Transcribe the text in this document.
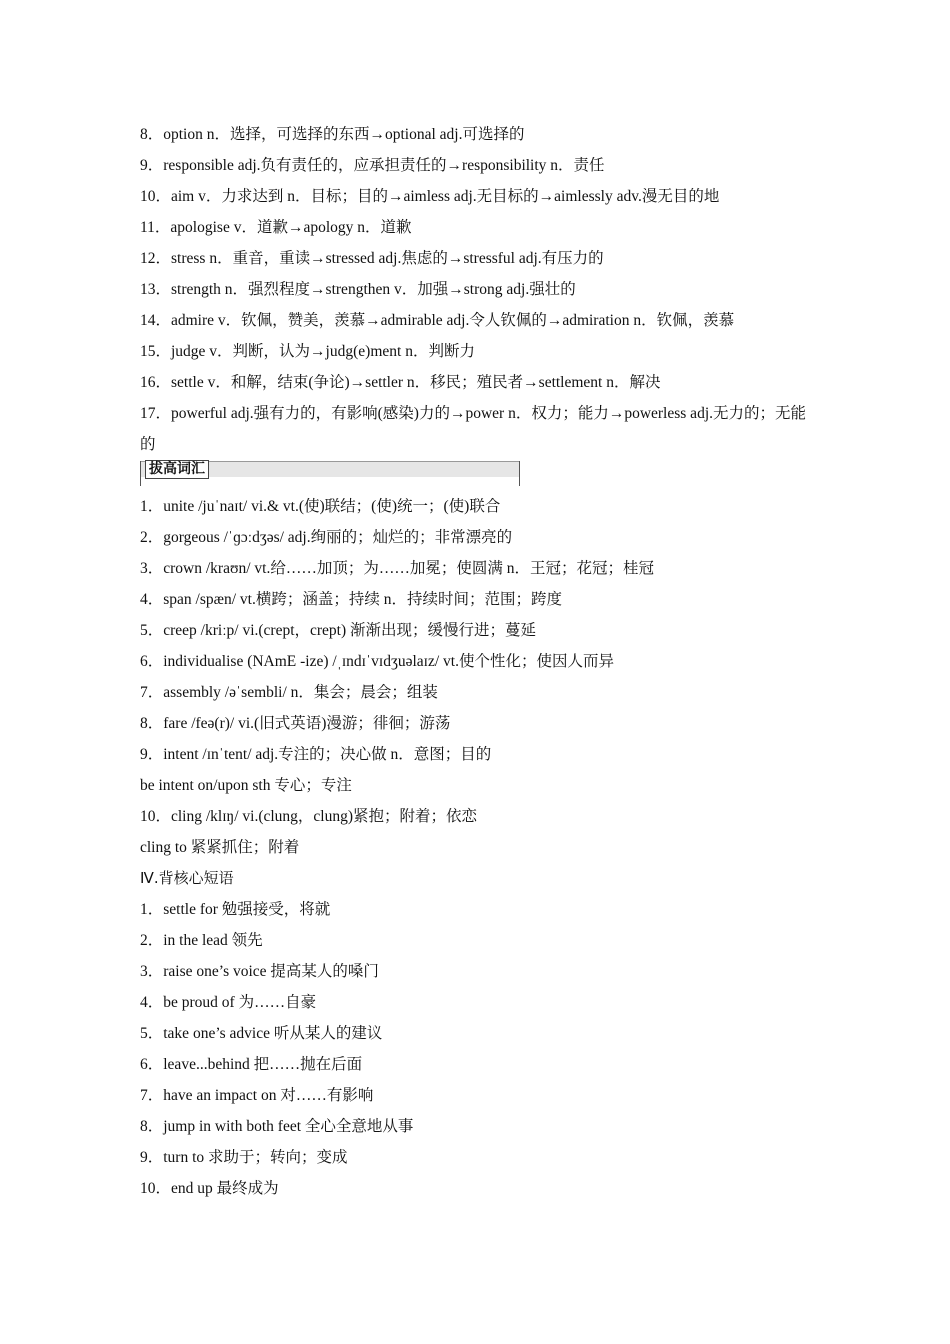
8．option n．选择，可选择的东西→optional adj.可选择的
9．responsible adj.负有责任的，应承担责任的→responsibility n．责任
10．aim v．力求达到 n．目标；目的→aimless adj.无目标的→aimlessly adv.漫无目的地
11．apologise v．道歉→apology n．道歉
12．stress n．重音，重读→stressed adj.焦虑的→stressful adj.有压力的
13．strength n．强烈程度→strengthen v．加强→strong adj.强壮的
14．admire v．钦佩，赞美，羡慕→admirable adj.令人钦佩的→admiration n．钦佩，羡慕
15．judge v．判断，认为→judg(e)ment n．判断力
16．settle v．和解，结束(争论)→settler n．移民；殖民者→settlement n．解决
17．powerful adj.强有力的，有影响(感染)力的→power n．权力；能力→powerless adj.无力的；无能的
拔高词汇
1．unite /juˈnaɪt/ vi.& vt.(使)联结；(使)统一；(使)联合
2．gorgeous /ˈɡɔːdʒəs/ adj.绚丽的；灿烂的；非常漂亮的
3．crown /kraʊn/ vt.给……加顶；为……加冕；使圆满 n．王冠；花冠；桂冠
4．span /spæn/ vt.横跨；涵盖；持续 n．持续时间；范围；跨度
5．creep /kriːp/ vi.(crept，crept) 渐渐出现；缓慢行进；蔓延
6．individualise (NAmE -ize) /ˌɪndɪˈvɪdʒuəlaɪz/ vt.使个性化；使因人而异
7．assembly /əˈsembli/ n．集会；晨会；组装
8．fare /feə(r)/ vi.(旧式英语)漫游；徘徊；游荡
9．intent /ɪnˈtent/ adj.专注的；决心做 n．意图；目的
be intent on/upon sth 专心；专注
10．cling /klɪŋ/ vi.(clung，clung)紧抱；附着；依恋
cling to 紧紧抓住；附着
Ⅳ.背核心短语
1．settle for 勉强接受，将就
2．in the lead 领先
3．raise one’s voice 提高某人的嗓门
4．be proud of 为……自豪
5．take one’s advice 听从某人的建议
6．leave...behind 把……抛在后面
7．have an impact on 对……有影响
8．jump in with both feet 全心全意地从事
9．turn to 求助于；转向；变成
10．end up 最终成为
